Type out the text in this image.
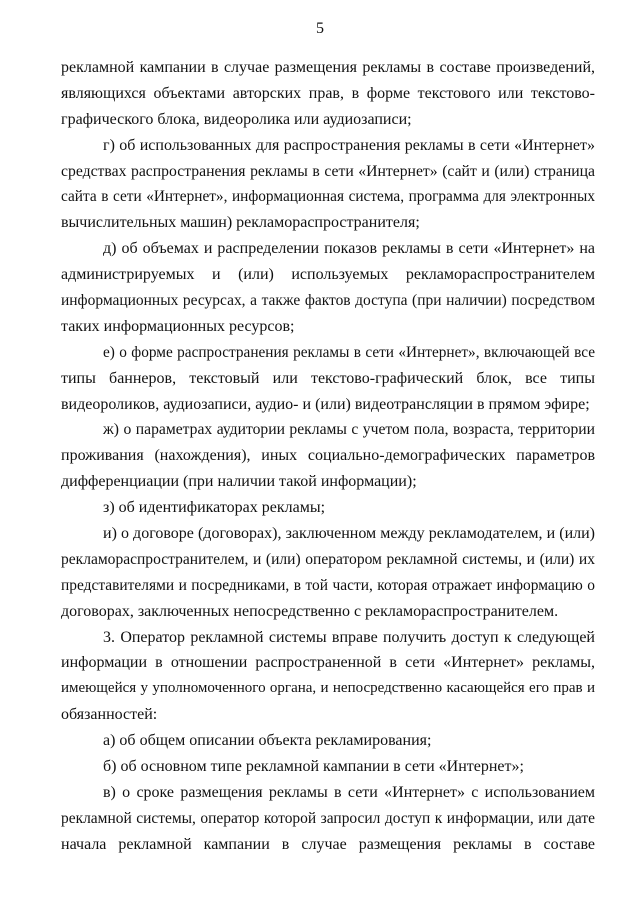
5
рекламной кампании в случае размещения рекламы в составе произведений,
являющихся объектами авторских прав, в форме текстового или текстово-
графического блока, видеоролика или аудиозаписи;
г) об использованных для распространения рекламы в сети «Интернет»
средствах распространения рекламы в сети «Интернет» (сайт и (или) страница
сайта в сети «Интернет», информационная система, программа для электронных
вычислительных машин) рекламораспространителя;
д) об объемах и распределении показов рекламы в сети «Интернет» на
администрируемых и (или) используемых рекламораспространителем
информационных ресурсах, а также фактов доступа (при наличии) посредством
таких информационных ресурсов;
е) о форме распространения рекламы в сети «Интернет», включающей все
типы баннеров, текстовый или текстово-графический блок, все типы
видеороликов, аудиозаписи, аудио- и (или) видеотрансляции в прямом эфире;
ж) о параметрах аудитории рекламы с учетом пола, возраста, территории
проживания (нахождения), иных социально-демографических параметров
дифференциации (при наличии такой информации);
з) об идентификаторах рекламы;
и) о договоре (договорах), заключенном между рекламодателем, и (или)
рекламораспространителем, и (или) оператором рекламной системы, и (или) их
представителями и посредниками, в той части, которая отражает информацию о
договорах, заключенных непосредственно с рекламораспространителем.
3. Оператор рекламной системы вправе получить доступ к следующей
информации в отношении распространенной в сети «Интернет» рекламы,
имеющейся у уполномоченного органа, и непосредственно касающейся его прав и
обязанностей:
а) об общем описании объекта рекламирования;
б) об основном типе рекламной кампании в сети «Интернет»;
в) о сроке размещения рекламы в сети «Интернет» с использованием
рекламной системы, оператор которой запросил доступ к информации, или дате
начала рекламной кампании в случае размещения рекламы в составе
